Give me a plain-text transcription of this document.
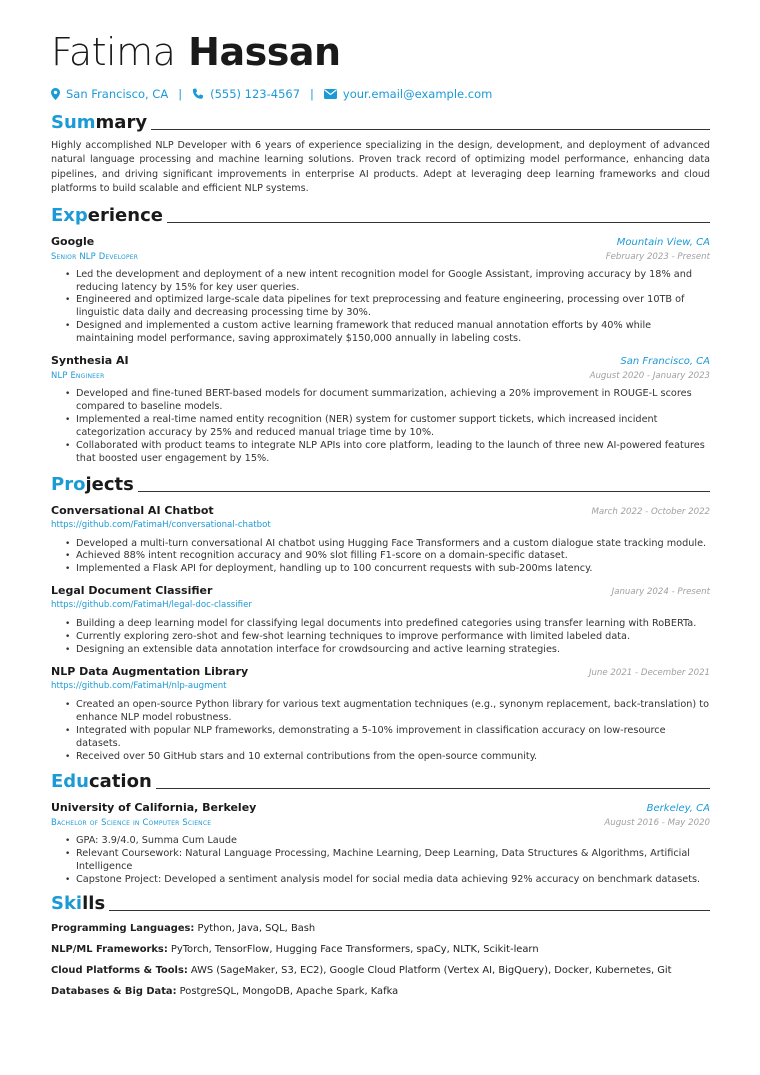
Fatima Hassan
San Francisco, CA | (555) 123-4567 |	your.email@example.com
Summary

Highly accomplished NLP Developer with 6 years of experience specializing in the design, development, and deployment of advanced natural language processing and machine learning solutions. Proven track record of optimizing model performance, enhancing data pipelines, and driving significant improvements in enterprise AI products. Adept at leveraging deep learning frameworks and cloud platforms to build scalable and efficient NLP systems.

Experience
Google	Mountain View, CA
Senior NLP Developer	February 2023 - Present
• Led the development and deployment of a new intent recognition model for Google Assistant, improving accuracy by 18% and reducing latency by 15% for key user queries.
• Engineered and optimized large-scale data pipelines for text preprocessing and feature engineering, processing over 10TB of linguistic data daily and decreasing processing time by 30%.
• Designed and implemented a custom active learning framework that reduced manual annotation efforts by 40% while maintaining model performance, saving approximately $150,000 annually in labeling costs.
Synthesia AI	San Francisco, CA
NLP Engineer	August 2020 - January 2023
• Developed and fine-tuned BERT-based models for document summarization, achieving a 20% improvement in ROUGE-L scores compared to baseline models.
• Implemented a real-time named entity recognition (NER) system for customer support tickets, which increased incident categorization accuracy by 25% and reduced manual triage time by 10%.
• Collaborated with product teams to integrate NLP APIs into core platform, leading to the launch of three new AI-powered features that boosted user engagement by 15%.
Projects
Conversational AI Chatbot	March 2022 - October 2022
https://github.com/FatimaH/conversational-chatbot
• Developed a multi-turn conversational AI chatbot using Hugging Face Transformers and a custom dialogue state tracking module.
• Achieved 88% intent recognition accuracy and 90% slot filling F1-score on a domain-specific dataset.
• Implemented a Flask API for deployment, handling up to 100 concurrent requests with sub-200ms latency.
Legal Document Classifier	January 2024 - Present
https://github.com/FatimaH/legal-doc-classifier
• Building a deep learning model for classifying legal documents into predefined categories using transfer learning with RoBERTa.
• Currently exploring zero-shot and few-shot learning techniques to improve performance with limited labeled data.
• Designing an extensible data annotation interface for crowdsourcing and active learning strategies.
NLP Data Augmentation Library	June 2021 - December 2021
https://github.com/FatimaH/nlp-augment
• Created an open-source Python library for various text augmentation techniques (e.g., synonym replacement, back-translation) to enhance NLP model robustness.
• Integrated with popular NLP frameworks, demonstrating a 5-10% improvement in classification accuracy on low-resource datasets.
• Received over 50 GitHub stars and 10 external contributions from the open-source community.
Education
University of California, Berkeley	Berkeley, CA
Bachelor of Science in Computer Science	August 2016 - May 2020
• GPA: 3.9/4.0, Summa Cum Laude
• Relevant Coursework: Natural Language Processing, Machine Learning, Deep Learning, Data Structures & Algorithms, Artificial Intelligence
• Capstone Project: Developed a sentiment analysis model for social media data achieving 92% accuracy on benchmark datasets.
Skills
Programming Languages: Python, Java, SQL, Bash
NLP/ML Frameworks: PyTorch, TensorFlow, Hugging Face Transformers, spaCy, NLTK, Scikit-learn
Cloud Platforms & Tools: AWS (SageMaker, S3, EC2), Google Cloud Platform (Vertex AI, BigQuery), Docker, Kubernetes, Git
Databases & Big Data: PostgreSQL, MongoDB, Apache Spark, Kafka
